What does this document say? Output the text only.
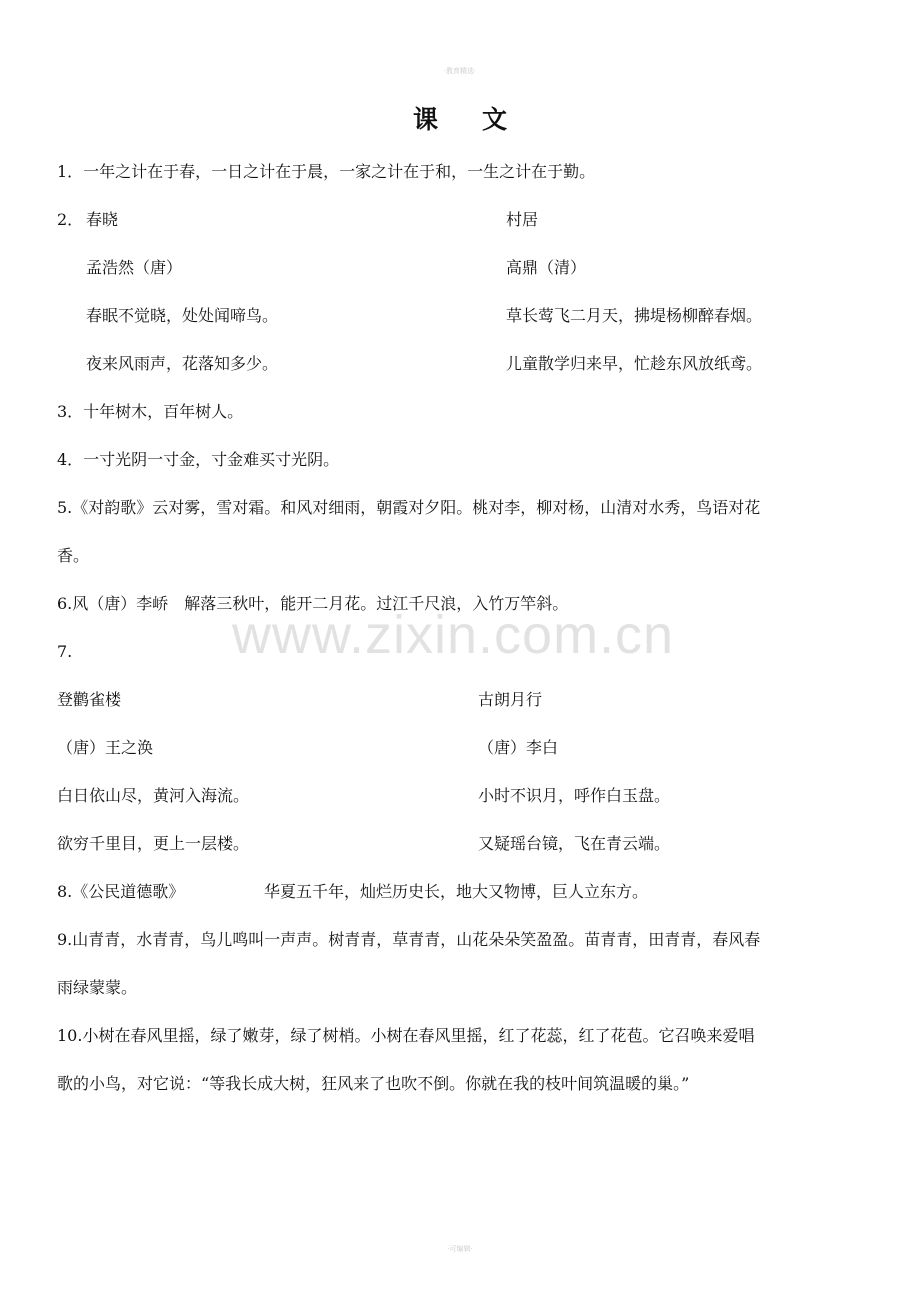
·教育精选·
课文
1．一年之计在于春，一日之计在于晨，一家之计在于和，一生之计在于勤。
2． 春晓
孟浩然（唐）
春眠不觉晓，处处闻啼鸟。
夜来风雨声，花落知多少。
村居
高鼎（清）
草长莺飞二月天，拂堤杨柳醉春烟。
儿童散学归来早，忙趁东风放纸鸢。
3．十年树木，百年树人。
4．一寸光阴一寸金，寸金难买寸光阴。
5.《对韵歌》云对雾，雪对霜。和风对细雨，朝霞对夕阳。桃对李，柳对杨，山清对水秀，鸟语对花
香。
6.风（唐）李峤　解落三秋叶，能开二月花。过江千尺浪，入竹万竿斜。
www.zixin.com.cn
7.
登鹳雀楼
（唐）王之涣
白日依山尽，黄河入海流。
欲穷千里目，更上一层楼。
古朗月行
（唐）李白
小时不识月，呼作白玉盘。
又疑瑶台镜，飞在青云端。
8.《公民道德歌》	华夏五千年，灿烂历史长，地大又物博，巨人立东方。
9.山青青，水青青，鸟儿鸣叫一声声。树青青，草青青，山花朵朵笑盈盈。苗青青，田青青，春风春
雨绿蒙蒙。
10.小树在春风里摇，绿了嫩芽，绿了树梢。小树在春风里摇，红了花蕊，红了花苞。它召唤来爱唱
歌的小鸟，对它说：“等我长成大树，狂风来了也吹不倒。你就在我的枝叶间筑温暖的巢。”
·可编辑·
